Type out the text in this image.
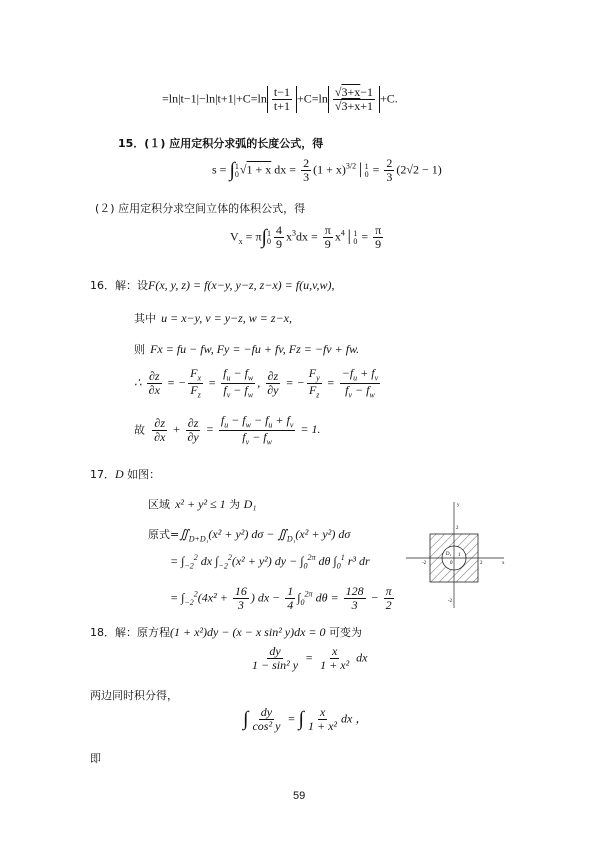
$=\ln|t-1|-\ln|t+1|+C=\ln \frac{t-1}{t+1} +C=\ln \frac{√3+x-1}{√3+x+1} +C$.
15．(１) 应用定积分求弧的长度公式，得
s = ∫ 1
0 √1 + x dx = $\frac{2}{3} (1$ + $x)^{3/2}│$ 1
$0 = \frac{2}{3} (2√2 - 1)$
(２) 应用定积分求空间立体的体积公式，得
$V_x = \pi\int$ 1
$0 \frac{4}{9} x^3dx = \frac{\pi}{9}$ $x^4│$ 1
$0 = \frac{\pi}{9}$
16．解：设F(x, y, z) = f(x−y, y−z, z−x) = f(u,v,w),
其中 u = x−y, v = y−z, w = z−x,
则 Fx = fu − fw, Fy = −fu + fv, Fz = −fv + fw.
∴ $\frac{\partial z}{\partial x}$ = − $\frac{F_x}{F_z} = \frac{f_u - f_w}{f_v - f_w}$ , $\frac{\partial z}{\partial y}$ = − $\frac{F_y}{F_z} = \frac{-f_u + f_v}{f_v - f_w}$
故 $\frac{\partial z}{\partial x} + \frac{\partial z}{\partial y} = \frac{f_u - f_w - f_u + f_v}{f_v - f_w} = 1$.
17．D 如图：
区域 x² + y² ≤ 1 为 D₁
原式$=∬_{D+D_1}(x^2 + y^2) d\sigma$ − $∬_{D_1}(x^2 + y^2)$ dσ
= $\int_{-2}^2$ dx $\int_{-2}^2(x^2 + y^2)$ dy − $\int_0^{2\pi}$ dθ $\int_0^1$ r³ dr
= $\int_{-2}^2(4x^2 + \frac{16}{3}$ ) dx − $\frac{1}{4} \int_0^{2\pi}$ $d\theta = \frac{128}{3} - \frac{\pi}{2}$
y
x
2
-2	2
-2
D₁ 1
0
18．解：原方程(1 + x²)dy − (x − x sin² y)dx = 0 可变为
$\frac{dy}{\text{1 − sin² y}} = \frac{x}{\text{1 + x²}}$ dx
两边同时积分得，
∫ $\frac{dy}{\text{cos² y}}$ = ∫ $\frac{x}{\text{1 + x²}}$ dx ，
即
59
